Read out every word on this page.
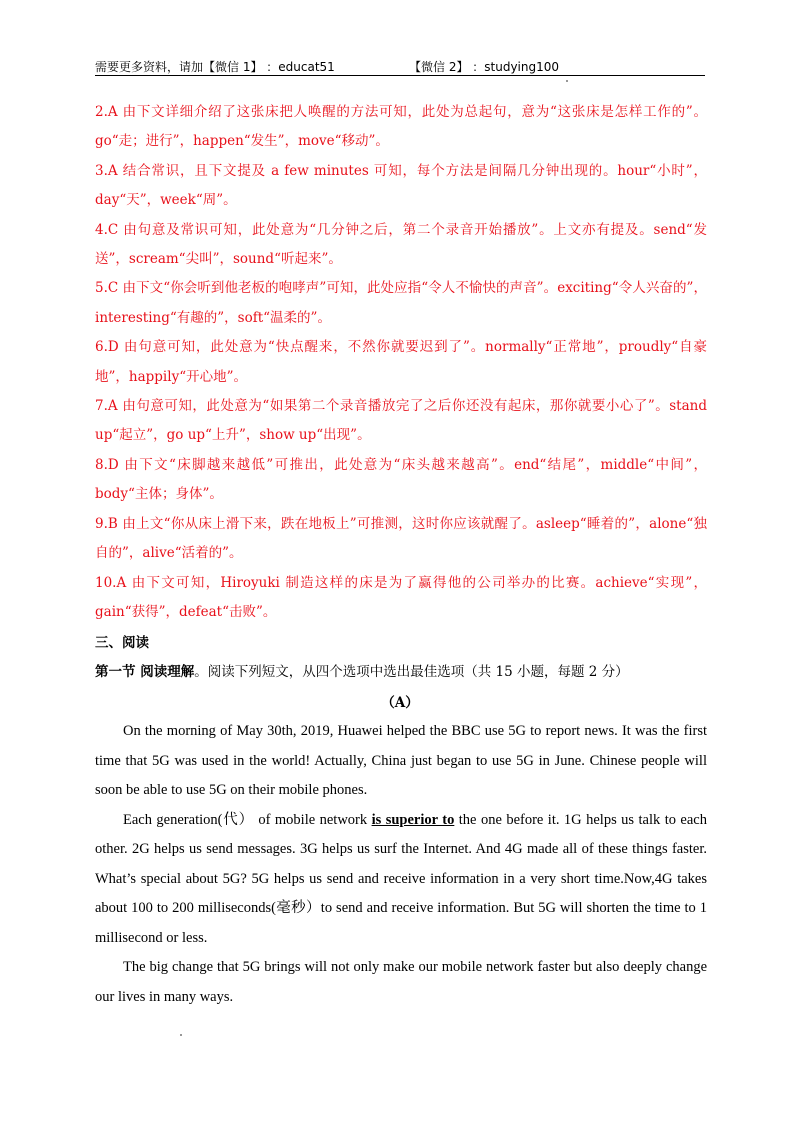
需要更多资料，请加【微信 1】 ：educat51	【微信 2】 ：studying100
2.A 由下文详细介绍了这张床把人唤醒的方法可知，此处为总起句，意为“这张床是怎样工作的”。go“走；进行”，happen“发生”，move“移动”。
3.A 结合常识，且下文提及 a few minutes 可知，每个方法是间隔几分钟出现的。hour“小时”，day“天”，week“周”。
4.C 由句意及常识可知，此处意为“几分钟之后，第二个录音开始播放”。上文亦有提及。send“发送”，scream“尖叫”，sound“听起来”。
5.C 由下文“你会听到他老板的咆哮声”可知，此处应指“令人不愉快的声音”。exciting“令人兴奋的”，interesting“有趣的”，soft“温柔的”。
6.D 由句意可知，此处意为“快点醒来，不然你就要迟到了”。normally“正常地”，proudly“自豪地”，happily“开心地”。
7.A 由句意可知，此处意为“如果第二个录音播放完了之后你还没有起床，那你就要小心了”。stand up“起立”，go up“上升”，show up“出现”。
8.D 由下文“床脚越来越低”可推出，此处意为“床头越来越高”。end“结尾”，middle“中间”，body“主体；身体”。
9.B 由上文“你从床上滑下来，跌在地板上”可推测，这时你应该就醒了。asleep“睡着的”，alone“独自的”，alive“活着的”。
10.A 由下文可知，Hiroyuki 制造这样的床是为了赢得他的公司举办的比赛。achieve“实现”，gain“获得”，defeat“击败”。
三、阅读
第一节 阅读理解。阅读下列短文，从四个选项中选出最佳选项（共 15 小题，每题 2 分）
（A）

On the morning of May 30th, 2019, Huawei helped the BBC use 5G to report news. It was the first time that 5G was used in the world! Actually, China just began to use 5G in June. Chinese people will soon be able to use 5G on their mobile phones.

Each generation(代） of mobile network is superior to the one before it. 1G helps us talk to each other. 2G helps us send messages. 3G helps us surf the Internet. And 4G made all of these things faster. What’s special about 5G? 5G helps us send and receive information in a very short time.Now,4G takes about 100 to 200 milliseconds(毫秒）to send and receive information. But 5G will shorten the time to 1 millisecond or less.

The big change that 5G brings will not only make our mobile network faster but also deeply change our lives in many ways.
